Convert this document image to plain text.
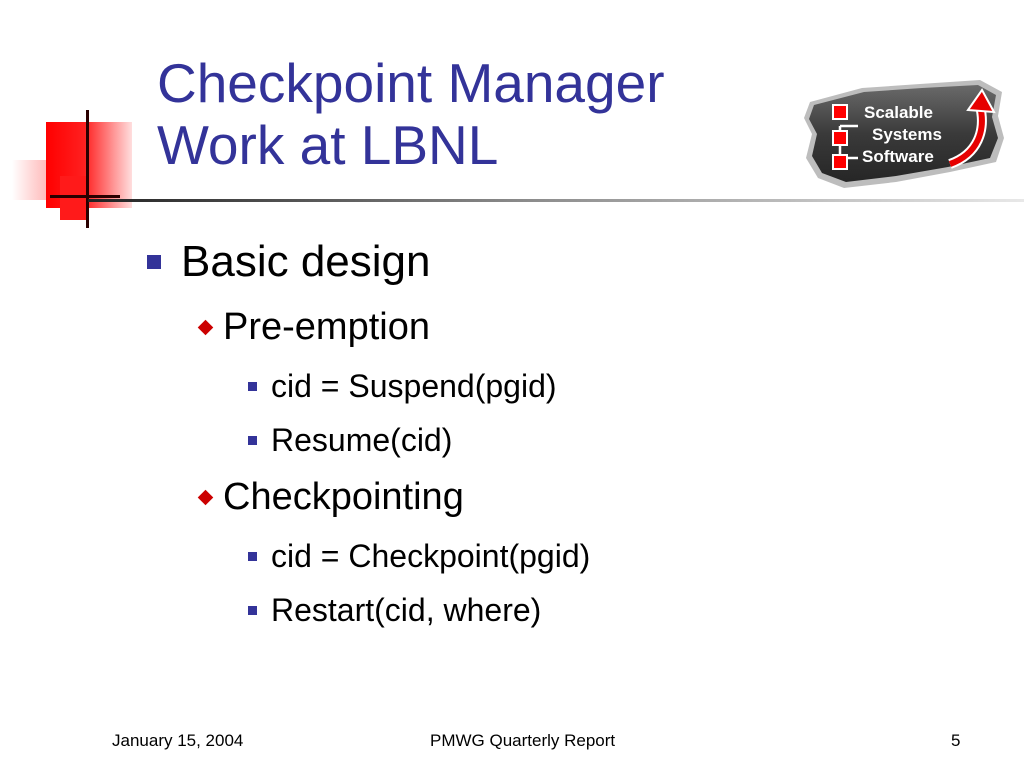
Checkpoint Manager
Work at LBNL
Scalable
Systems
Software
Basic design
Pre-emption
cid = Suspend(pgid)
Resume(cid)
Checkpointing
cid = Checkpoint(pgid)
Restart(cid, where)
January 15, 2004	PMWG Quarterly Report	5
